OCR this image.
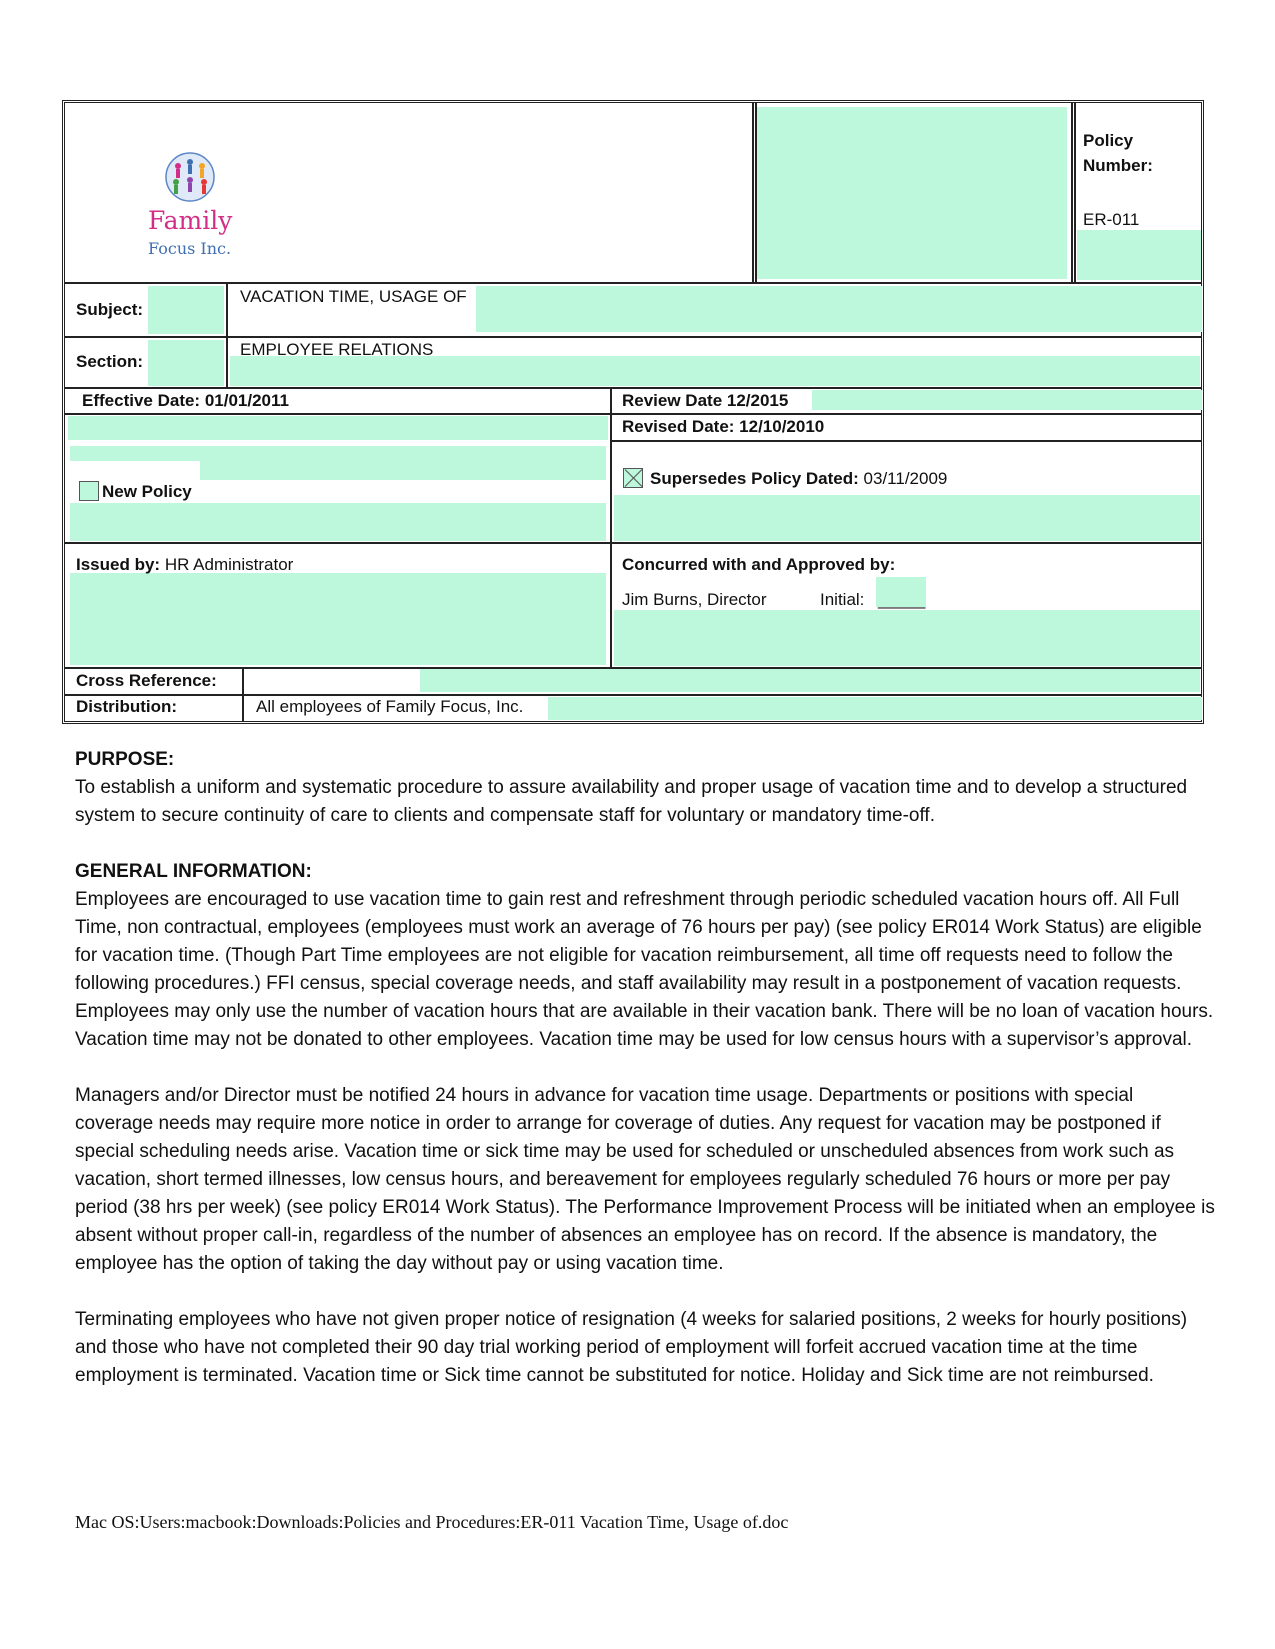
Family
Focus Inc.
Policy Number:
ER-011
Subject:
VACATION TIME, USAGE OF
Section:
EMPLOYEE RELATIONS
Effective Date: 01/01/2011	Review Date 12/2015
Revised Date: 12/10/2010
New Policy
Supersedes Policy Dated: 03/11/2009
Issued by: HR Administrator	Concurred with and Approved by:
Jim Burns, Director	Initial: _____
Cross Reference:
Distribution:	All employees of Family Focus, Inc.

PURPOSE:

To establish a uniform and systematic procedure to assure availability and proper usage of vacation time and to develop a structured system to secure continuity of care to clients and compensate staff for voluntary or mandatory time-off.

GENERAL INFORMATION:

Employees are encouraged to use vacation time to gain rest and refreshment through periodic scheduled vacation hours off. All Full Time, non contractual, employees (employees must work an average of 76 hours per pay) (see policy ER014 Work Status) are eligible for vacation time. (Though Part Time employees are not eligible for vacation reimbursement, all time off requests need to follow the following procedures.) FFI census, special coverage needs, and staff availability may result in a postponement of vacation requests. Employees may only use the number of vacation hours that are available in their vacation bank. There will be no loan of vacation hours. Vacation time may not be donated to other employees. Vacation time may be used for low census hours with a supervisor’s approval.

Managers and/or Director must be notified 24 hours in advance for vacation time usage. Departments or positions with special coverage needs may require more notice in order to arrange for coverage of duties. Any request for vacation may be postponed if special scheduling needs arise. Vacation time or sick time may be used for scheduled or unscheduled absences from work such as vacation, short termed illnesses, low census hours, and bereavement for employees regularly scheduled 76 hours or more per pay period (38 hrs per week) (see policy ER014 Work Status). The Performance Improvement Process will be initiated when an employee is absent without proper call-in, regardless of the number of absences an employee has on record. If the absence is mandatory, the employee has the option of taking the day without pay or using vacation time.

Terminating employees who have not given proper notice of resignation (4 weeks for salaried positions, 2 weeks for hourly positions) and those who have not completed their 90 day trial working period of employment will forfeit accrued vacation time at the time employment is terminated. Vacation time or Sick time cannot be substituted for notice. Holiday and Sick time are not reimbursed.

Mac OS:Users:macbook:Downloads:Policies and Procedures:ER-011 Vacation Time, Usage of.doc
